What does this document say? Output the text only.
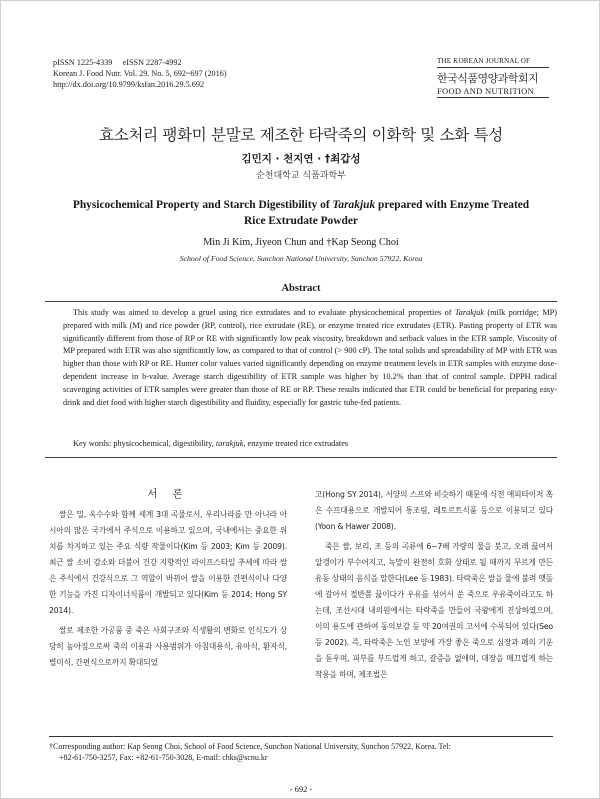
pISSN 1225-4339     eISSN 2287-4992
Korean J. Food Nutr. Vol. 29. No. 5, 692~697 (2016)
http://dx.doi.org/10.9799/ksfan.2016.29.5.692
THE KOREAN JOURNAL OF
한국식품영양과학회지
FOOD AND NUTRITION
효소처리 팽화미 분말로 제조한 타락죽의 이화학 및 소화 특성
김민지 · 천지연 · †최갑성
순천대학교 식품과학부
Physicochemical Property and Starch Digestibility of Tarakjuk prepared with Enzyme Treated Rice Extrudate Powder
Min Ji Kim, Jiyeon Chun and †Kap Seong Choi
School of Food Science, Sunchon National University, Sunchon 57922, Korea
Abstract
This study was aimed to develop a gruel using rice extrudates and to evaluate physicochemical properties of Tarakjuk (milk porridge; MP) prepared with milk (M) and rice powder (RP, control), rice extrudate (RE), or enzyme treated rice extrudates (ETR). Pasting property of ETR was significantly different from those of RP or RE with significantly low peak viscosity, breakdown and setback values in the ETR sample. Viscosity of MP prepared with ETR was also significantly low, as compared to that of control (> 900 cP). The total solids and spreadability of MP with ETR was higher than those with RP or RE. Hunter color values varied significantly depending on enzyme treatment levels in ETR samples with enzyme dose-dependent increase in b-value. Average starch digestibility of ETR sample was higher by 10.2% than that of control sample. DPPH radical scavenging activities of ETR samples were greater than those of RE or RP. These results indicated that ETR could be beneficial for preparing easy-drink and diet food with higher starch digestibility and fluidity, especially for gastric tube-fed patients.
Key words: physicochemical, digestibility, tarakjuk, enzyme treated rice extrudates
서 론

쌀은 밀, 옥수수와 함께 세계 3대 곡물로서, 우리나라를 만 아니라 아시아의 많은 국가에서 주식으로 이용하고 있으며, 국내에서는 중요한 위치를 차지하고 있는 주요 식량 작물이다(Kim 등 2003; Kim 등 2009). 최근 쌀 소비 감소와 더불어 건강 지향적인 라이프스타일 추세에 따라 쌀은 주식에서 건강식으로 그 역할이 바뀌어 쌀을 이용한 간편식이나 다양한 기능을 가진 디자이너식품이 개발되고 있다(Kim 등 2014; Hong SY 2014).

쌀로 제조한 가공품 중 죽은 사회구조와 식생활의 변화로 인식도가 상당히 높아짐으로써 죽의 이용과 사용범위가 아침대용식, 유아식, 환자식, 별미식, 간편식으로까지 확대되었

고(Hong SY 2014), 서양의 스프와 비슷하기 때문에 식전 애피타이저 혹은 수프대용으로 개발되어 통조림, 레토르트식품 등으로 이용되고 있다(Yoon & Hawer 2008).

죽은 쌀, 보리, 조 등의 곡류에 6~7배 가량의 물을 붓고, 오래 끓여서 알갱이가 부수어지고, 녹말이 완전히 호화 상태로 될 때까지 무르게 만든 유동 상태의 음식을 말한다(Lee 등 1983). 타락죽은 쌀을 물에 불려 맷돌에 갈아서 절반쯤 끓이다가 우유를 섞어서 쑨 죽으로 우유죽이라고도 하는데, 조선시대 내의원에서는 타락죽을 만들어 국왕에게 진상하였으며, 이의 용도에 관하여 동의보감 등 약 20여권의 고서에 수록되어 있다(Seo 등 2002). 즉, 타락죽은 노인 보양에 가장 좋은 죽으로 심장과 폐의 기운을 돋우며, 피부를 부드럽게 하고, 갈증을 없애며, 대장을 매끄럽게 하는 작용을 하며, 제조법은

†Corresponding author: Kap Seong Choi, School of Food Science, Sunchon National University, Sunchon 57922, Korea. Tel:
+82-61-750-3257, Fax: +82-61-750-3028, E-mail: chks@scnu.kr
- 692 -
